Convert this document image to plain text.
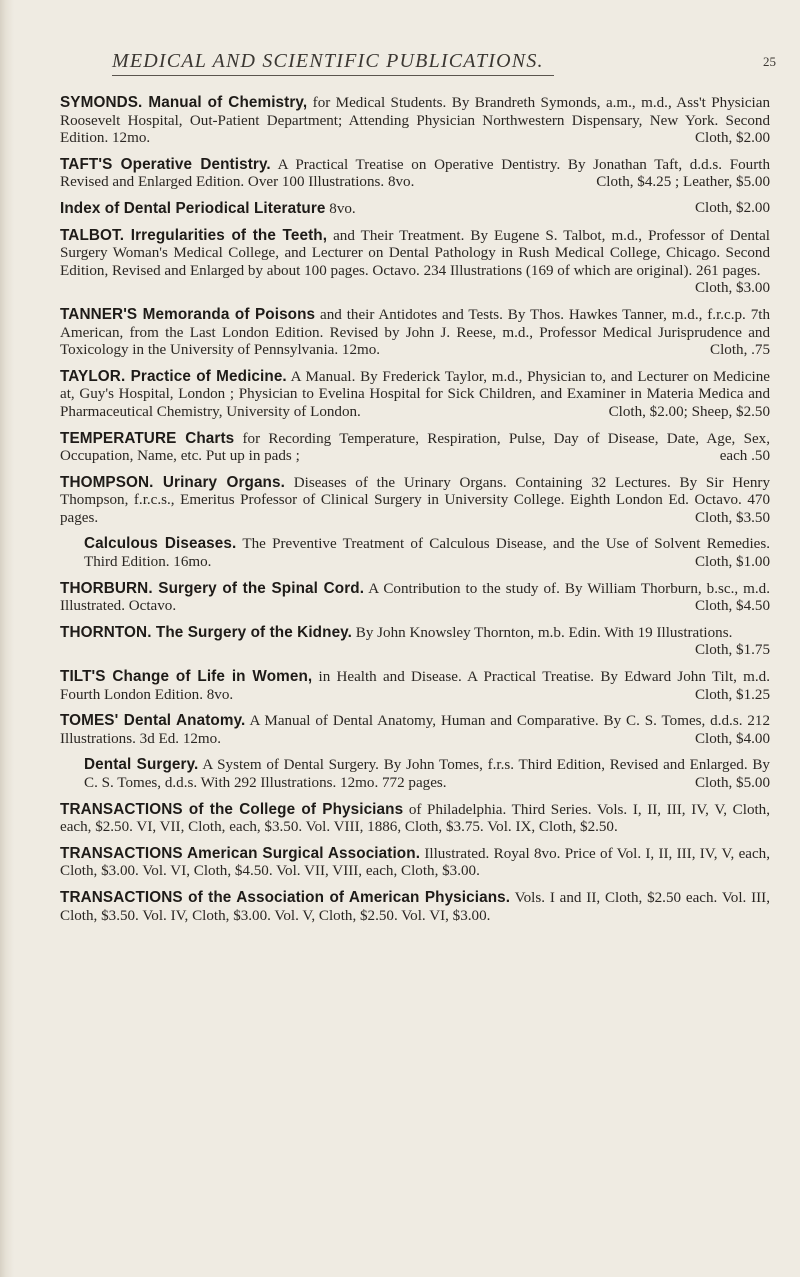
MEDICAL AND SCIENTIFIC PUBLICATIONS.	25

SYMONDS. Manual of Chemistry, for Medical Students. By Brandreth Symonds, a.m., m.d., Ass't Physician Roosevelt Hospital, Out-Patient Department; Attending Physician Northwestern Dispensary, New York. Second Edition. 12mo.	Cloth, $2.00

TAFT'S Operative Dentistry. A Practical Treatise on Operative Dentistry. By Jonathan Taft, d.d.s. Fourth Revised and Enlarged Edition. Over 100 Illustrations. 8vo.	Cloth, $4.25 ; Leather, $5.00

Index of Dental Periodical Literature 8vo.	Cloth, $2.00

TALBOT. Irregularities of the Teeth, and Their Treatment. By Eugene S. Talbot, m.d., Professor of Dental Surgery Woman's Medical College, and Lecturer on Dental Pathology in Rush Medical College, Chicago. Second Edition, Revised and Enlarged by about 100 pages. Octavo. 234 Illustrations (169 of which are original). 261 pages.
Cloth, $3.00

TANNER'S Memoranda of Poisons and their Antidotes and Tests. By Thos. Hawkes Tanner, m.d., f.r.c.p. 7th American, from the Last London Edition. Revised by John J. Reese, m.d., Professor Medical Jurisprudence and Toxicology in the University of Pennsylvania. 12mo.	Cloth, .75

TAYLOR. Practice of Medicine. A Manual. By Frederick Taylor, m.d., Physician to, and Lecturer on Medicine at, Guy's Hospital, London ; Physician to Evelina Hospital for Sick Children, and Examiner in Materia Medica and Pharmaceutical Chemistry, University of London.	Cloth, $2.00; Sheep, $2.50

TEMPERATURE Charts for Recording Temperature, Respiration, Pulse, Day of Disease, Date, Age, Sex, Occupation, Name, etc. Put up in pads ;	each .50

THOMPSON. Urinary Organs. Diseases of the Urinary Organs. Containing 32 Lectures. By Sir Henry Thompson, f.r.c.s., Emeritus Professor of Clinical Surgery in University College. Eighth London Ed. Octavo. 470 pages.	Cloth, $3.50

Calculous Diseases. The Preventive Treatment of Calculous Disease, and the Use of Solvent Remedies. Third Edition. 16mo.	Cloth, $1.00

THORBURN. Surgery of the Spinal Cord. A Contribution to the study of. By William Thorburn, b.sc., m.d. Illustrated. Octavo.	Cloth, $4.50

THORNTON. The Surgery of the Kidney. By John Knowsley Thornton, m.b. Edin. With 19 Illustrations.
Cloth, $1.75

TILT'S Change of Life in Women, in Health and Disease. A Practical Treatise. By Edward John Tilt, m.d. Fourth London Edition. 8vo.	Cloth, $1.25

TOMES' Dental Anatomy. A Manual of Dental Anatomy, Human and Comparative. By C. S. Tomes, d.d.s. 212 Illustrations. 3d Ed. 12mo.	Cloth, $4.00

Dental Surgery. A System of Dental Surgery. By John Tomes, f.r.s. Third Edition, Revised and Enlarged. By C. S. Tomes, d.d.s. With 292 Illustrations. 12mo. 772 pages.	Cloth, $5.00

TRANSACTIONS of the College of Physicians of Philadelphia. Third Series. Vols. I, II, III, IV, V, Cloth, each, $2.50. VI, VII, Cloth, each, $3.50. Vol. VIII, 1886, Cloth, $3.75. Vol. IX, Cloth, $2.50.

TRANSACTIONS American Surgical Association. Illustrated. Royal 8vo. Price of Vol. I, II, III, IV, V, each, Cloth, $3.00. Vol. VI, Cloth, $4.50. Vol. VII, VIII, each, Cloth, $3.00.

TRANSACTIONS of the Association of American Physicians. Vols. I and II, Cloth, $2.50 each. Vol. III, Cloth, $3.50. Vol. IV, Cloth, $3.00. Vol. V, Cloth, $2.50. Vol. VI, $3.00.
